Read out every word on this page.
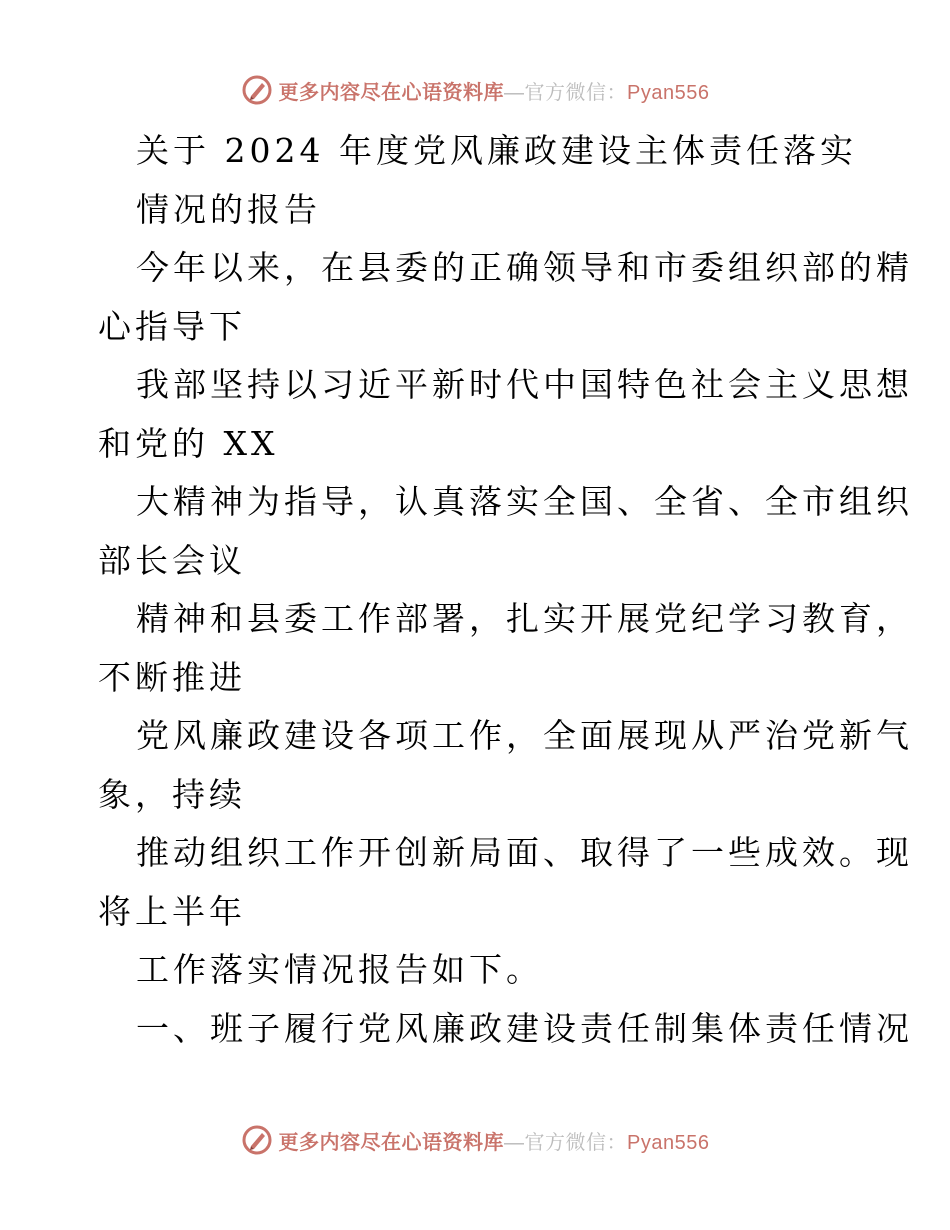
更多内容尽在心语资料库—官方微信：Pyan556
关于 2024 年度党风廉政建设主体责任落实
情况的报告
今年以来，在县委的正确领导和市委组织部的精
心指导下
我部坚持以习近平新时代中国特色社会主义思想
和党的 XX
大精神为指导，认真落实全国、全省、全市组织
部长会议
精神和县委工作部署，扎实开展党纪学习教育，
不断推进
党风廉政建设各项工作，全面展现从严治党新气
象，持续
推动组织工作开创新局面、取得了一些成效。现
将上半年
工作落实情况报告如下。
一、班子履行党风廉政建设责任制集体责任情况
更多内容尽在心语资料库—官方微信：Pyan556
